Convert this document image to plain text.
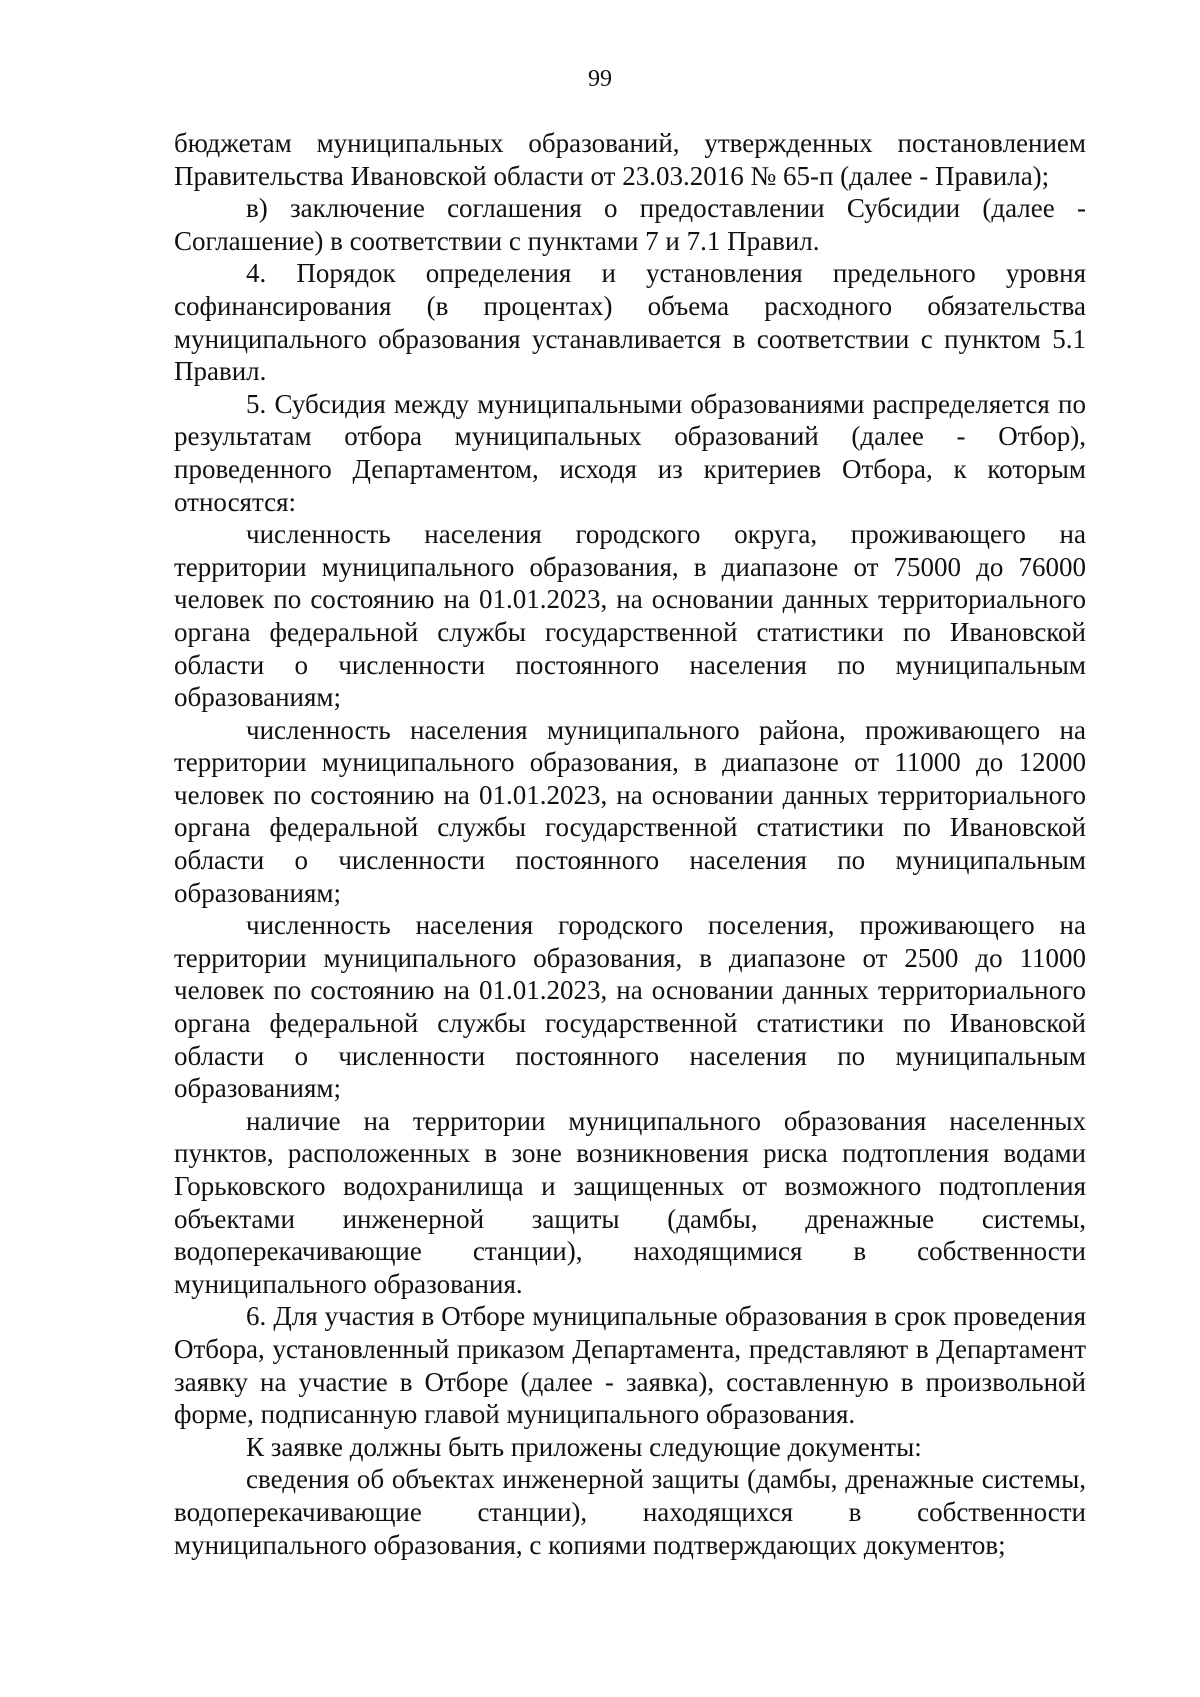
99

бюджетам муниципальных образований, утвержденных постановлением Правительства Ивановской области от 23.03.2016 № 65-п (далее - Правила);

в) заключение соглашения о предоставлении Субсидии (далее - Соглашение) в соответствии с пунктами 7 и 7.1 Правил.

4. Порядок определения и установления предельного уровня софинансирования (в процентах) объема расходного обязательства муниципального образования устанавливается в соответствии с пунктом 5.1 Правил.

5. Субсидия между муниципальными образованиями распределяется по результатам отбора муниципальных образований (далее - Отбор), проведенного Департаментом, исходя из критериев Отбора, к которым относятся:

численность населения городского округа, проживающего на территории муниципального образования, в диапазоне от 75000 до 76000 человек по состоянию на 01.01.2023, на основании данных территориального органа федеральной службы государственной статистики по Ивановской области о численности постоянного населения по муниципальным образованиям;

численность населения муниципального района, проживающего на территории муниципального образования, в диапазоне от 11000 до 12000 человек по состоянию на 01.01.2023, на основании данных территориального органа федеральной службы государственной статистики по Ивановской области о численности постоянного населения по муниципальным образованиям;

численность населения городского поселения, проживающего на территории муниципального образования, в диапазоне от 2500 до 11000 человек по состоянию на 01.01.2023, на основании данных территориального органа федеральной службы государственной статистики по Ивановской области о численности постоянного населения по муниципальным образованиям;

наличие на территории муниципального образования населенных пунктов, расположенных в зоне возникновения риска подтопления водами Горьковского водохранилища и защищенных от возможного подтопления объектами инженерной защиты (дамбы, дренажные системы, водоперекачивающие станции), находящимися в собственности муниципального образования.

6. Для участия в Отборе муниципальные образования в срок проведения Отбора, установленный приказом Департамента, представляют в Департамент заявку на участие в Отборе (далее - заявка), составленную в произвольной форме, подписанную главой муниципального образования.

К заявке должны быть приложены следующие документы:

сведения об объектах инженерной защиты (дамбы, дренажные системы, водоперекачивающие станции), находящихся в собственности муниципального образования, с копиями подтверждающих документов;
